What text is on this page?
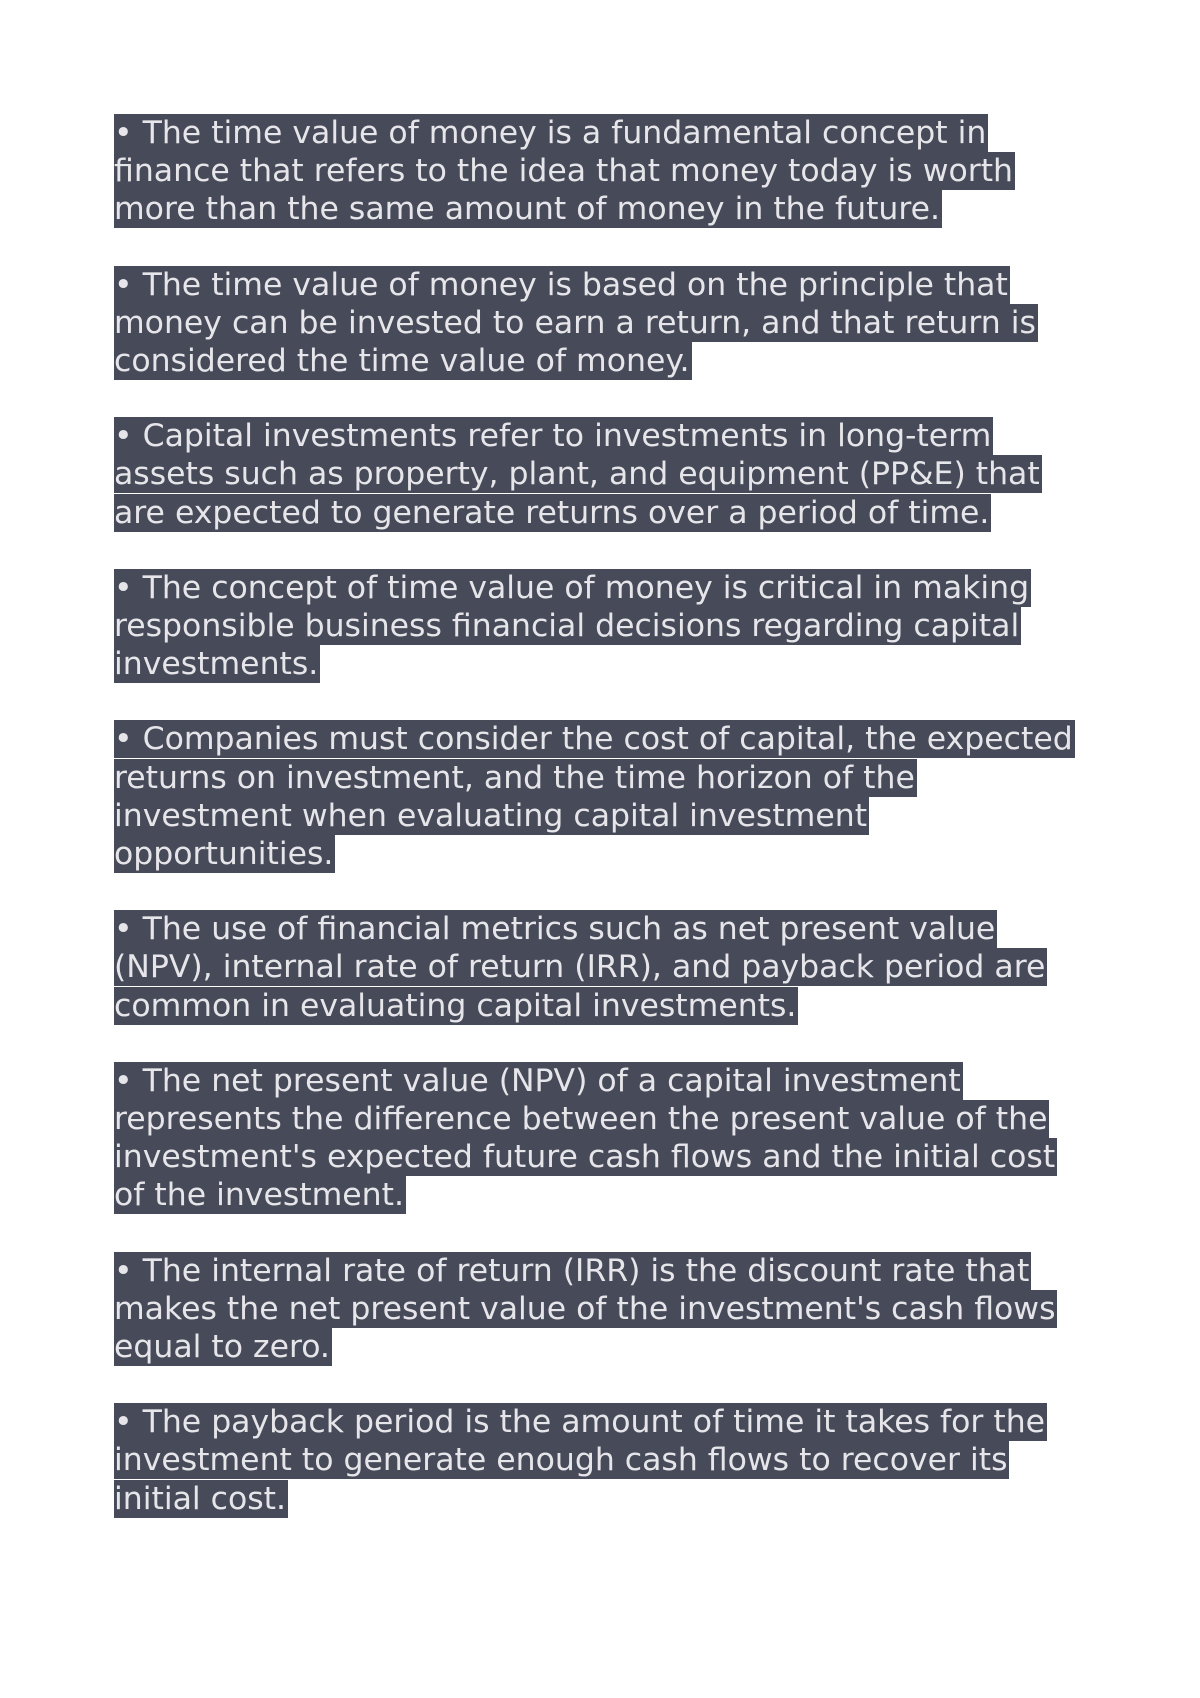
• The time value of money is a fundamental concept in finance that refers to the idea that money today is worth more than the same amount of money in the future.

• The time value of money is based on the principle that money can be invested to earn a return, and that return is considered the time value of money.

• Capital investments refer to investments in long-term assets such as property, plant, and equipment (PP&E) that are expected to generate returns over a period of time.

• The concept of time value of money is critical in making responsible business financial decisions regarding capital investments.

• Companies must consider the cost of capital, the expected returns on investment, and the time horizon of the investment when evaluating capital investment opportunities.

• The use of financial metrics such as net present value (NPV), internal rate of return (IRR), and payback period are common in evaluating capital investments.

• The net present value (NPV) of a capital investment represents the difference between the present value of the investment's expected future cash flows and the initial cost of the investment.

• The internal rate of return (IRR) is the discount rate that makes the net present value of the investment's cash flows equal to zero.

• The payback period is the amount of time it takes for the investment to generate enough cash flows to recover its initial cost.
